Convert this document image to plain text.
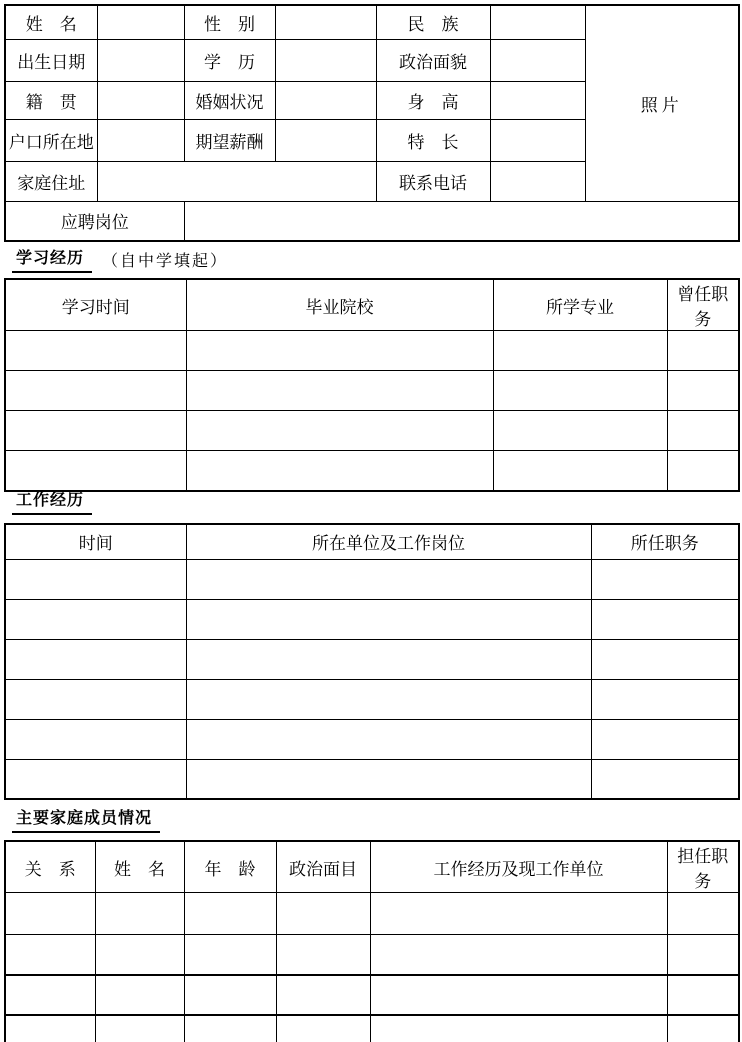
姓　名		性　别		民　族		照片
出生日期		学　历		政治面貌		
籍　贯		婚姻状况		身　高		
户口所在地		期望薪酬		特　长		
家庭住址				联系电话		
应聘岗位						
学习经历	（自中学填起）
学习时间	毕业院校	所学专业	曾任职务

工作经历
时间	所在单位及工作岗位	所任职务

主要家庭成员情况
关　系	姓　名	年　龄	政治面目	工作经历及现工作单位	担任职务
